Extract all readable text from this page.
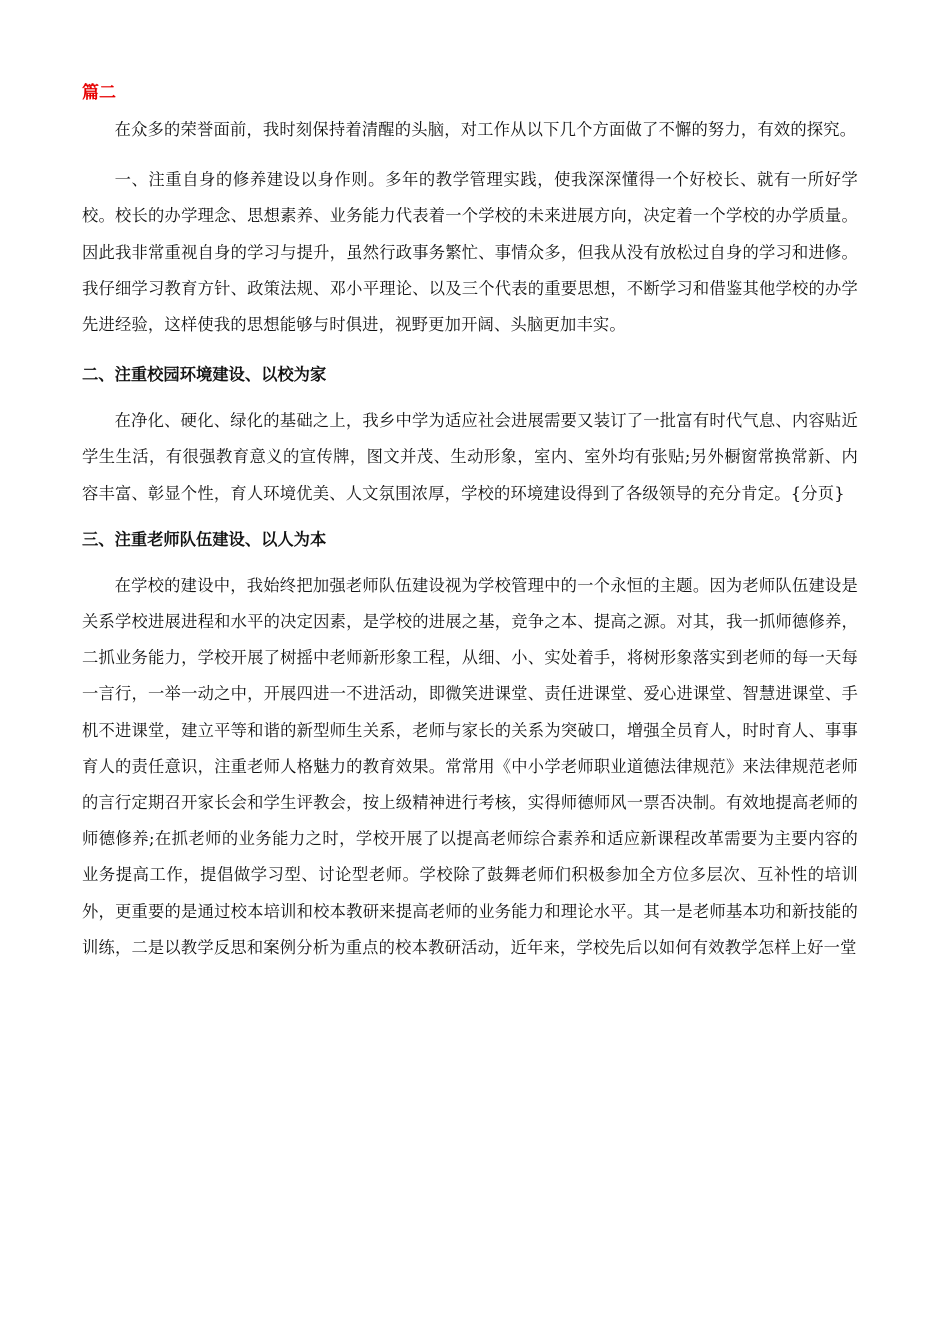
篇二

在众多的荣誉面前，我时刻保持着清醒的头脑，对工作从以下几个方面做了不懈的努力，有效的探究。

一、注重自身的修养建设以身作则。多年的教学管理实践，使我深深懂得一个好校长、就有一所好学校。校长的办学理念、思想素养、业务能力代表着一个学校的未来进展方向，决定着一个学校的办学质量。因此我非常重视自身的学习与提升，虽然行政事务繁忙、事情众多，但我从没有放松过自身的学习和进修。我仔细学习教育方针、政策法规、邓小平理论、以及三个代表的重要思想，不断学习和借鉴其他学校的办学先进经验，这样使我的思想能够与时俱进，视野更加开阔、头脑更加丰实。

二、注重校园环境建设、以校为家

在净化、硬化、绿化的基础之上，我乡中学为适应社会进展需要又装订了一批富有时代气息、内容贴近学生生活，有很强教育意义的宣传牌，图文并茂、生动形象，室内、室外均有张贴;另外橱窗常换常新、内容丰富、彰显个性，育人环境优美、人文氛围浓厚，学校的环境建设得到了各级领导的充分肯定。{分页}

三、注重老师队伍建设、以人为本

在学校的建设中，我始终把加强老师队伍建设视为学校管理中的一个永恒的主题。因为老师队伍建设是关系学校进展进程和水平的决定因素，是学校的进展之基，竞争之本、提高之源。对其，我一抓师德修养，二抓业务能力，学校开展了树摇中老师新形象工程，从细、小、实处着手，将树形象落实到老师的每一天每一言行，一举一动之中，开展四进一不进活动，即微笑进课堂、责任进课堂、爱心进课堂、智慧进课堂、手机不进课堂，建立平等和谐的新型师生关系，老师与家长的关系为突破口，增强全员育人，时时育人、事事育人的责任意识，注重老师人格魅力的教育效果。常常用《中小学老师职业道德法律规范》来法律规范老师的言行定期召开家长会和学生评教会，按上级精神进行考核，实得师德师风一票否决制。有效地提高老师的师德修养;在抓老师的业务能力之时，学校开展了以提高老师综合素养和适应新课程改革需要为主要内容的业务提高工作，提倡做学习型、讨论型老师。学校除了鼓舞老师们积极参加全方位多层次、互补性的培训外，更重要的是通过校本培训和校本教研来提高老师的业务能力和理论水平。其一是老师基本功和新技能的训练，二是以教学反思和案例分析为重点的校本教研活动，近年来，学校先后以如何有效教学怎样上好一堂
